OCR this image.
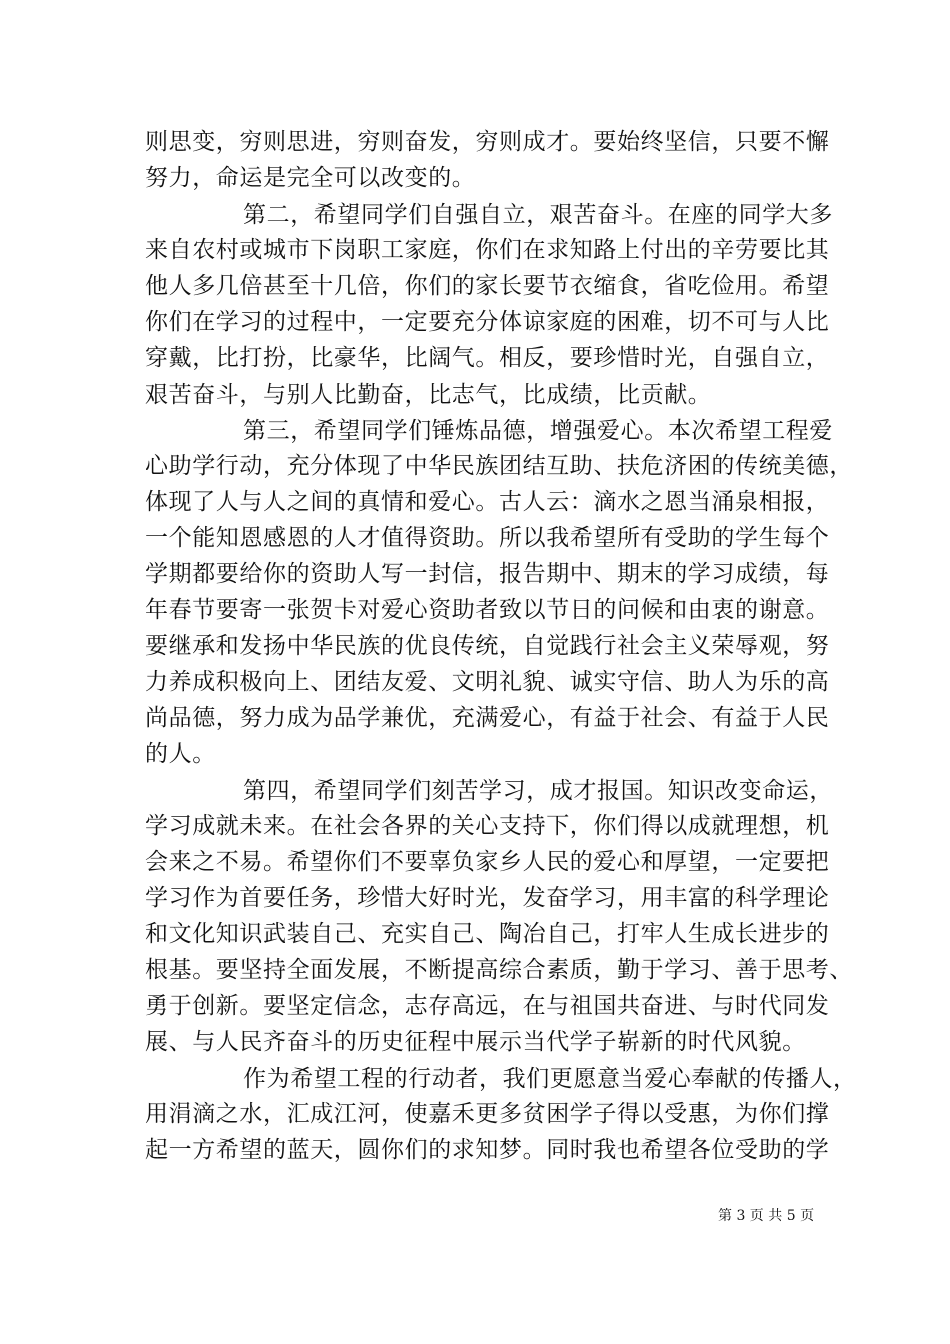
则思变，穷则思进，穷则奋发，穷则成才。要始终坚信，只要不懈
努力，命运是完全可以改变的。
第二，希望同学们自强自立，艰苦奋斗。在座的同学大多
来自农村或城市下岗职工家庭，你们在求知路上付出的辛劳要比其
他人多几倍甚至十几倍，你们的家长要节衣缩食，省吃俭用。希望
你们在学习的过程中，一定要充分体谅家庭的困难，切不可与人比
穿戴，比打扮，比豪华，比阔气。相反，要珍惜时光，自强自立，
艰苦奋斗，与别人比勤奋，比志气，比成绩，比贡献。
第三，希望同学们锤炼品德，增强爱心。本次希望工程爱
心助学行动，充分体现了中华民族团结互助、扶危济困的传统美德，
体现了人与人之间的真情和爱心。古人云：滴水之恩当涌泉相报，
一个能知恩感恩的人才值得资助。所以我希望所有受助的学生每个
学期都要给你的资助人写一封信，报告期中、期末的学习成绩，每
年春节要寄一张贺卡对爱心资助者致以节日的问候和由衷的谢意。
要继承和发扬中华民族的优良传统，自觉践行社会主义荣辱观，努
力养成积极向上、团结友爱、文明礼貌、诚实守信、助人为乐的高
尚品德，努力成为品学兼优，充满爱心，有益于社会、有益于人民
的人。
第四，希望同学们刻苦学习，成才报国。知识改变命运，
学习成就未来。在社会各界的关心支持下，你们得以成就理想，机
会来之不易。希望你们不要辜负家乡人民的爱心和厚望，一定要把
学习作为首要任务，珍惜大好时光，发奋学习，用丰富的科学理论
和文化知识武装自己、充实自己、陶冶自己，打牢人生成长进步的
根基。要坚持全面发展，不断提高综合素质，勤于学习、善于思考、
勇于创新。要坚定信念，志存高远，在与祖国共奋进、与时代同发
展、与人民齐奋斗的历史征程中展示当代学子崭新的时代风貌。
作为希望工程的行动者，我们更愿意当爱心奉献的传播人，
用涓滴之水，汇成江河，使嘉禾更多贫困学子得以受惠，为你们撑
起一方希望的蓝天，圆你们的求知梦。同时我也希望各位受助的学
第 3 页 共 5 页
